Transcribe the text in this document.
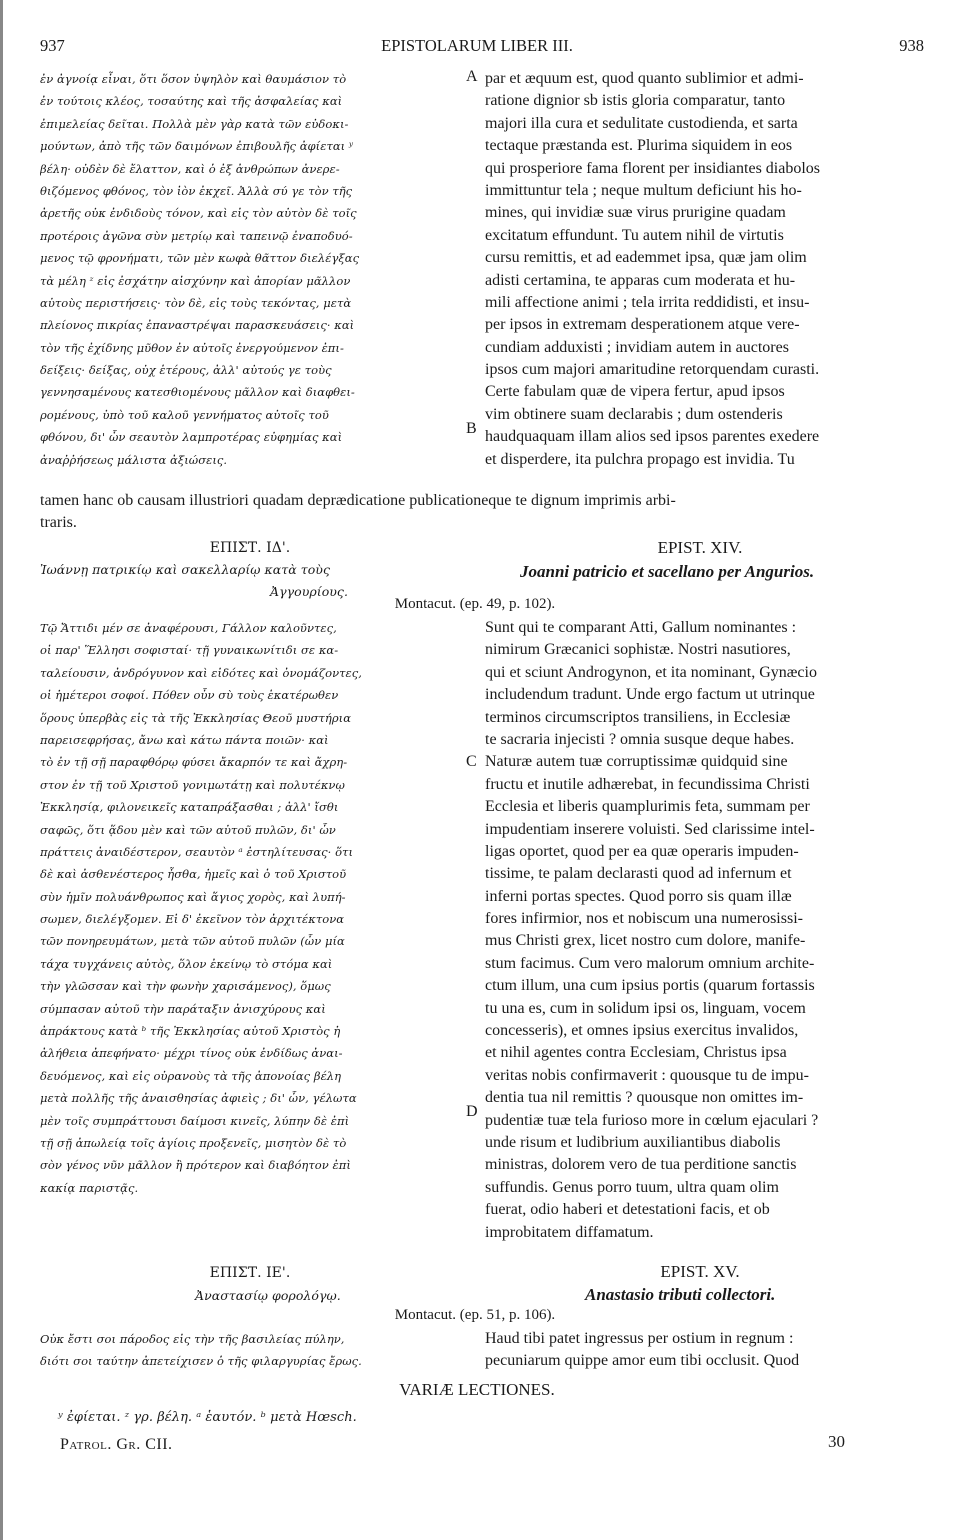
937	EPISTOLARUM LIBER III.	938
ἐν ἀγνοίᾳ εἶναι, ὅτι ὅσον ὑψηλὸν καὶ θαυμάσιον τὸ
ἐν τούτοις κλέος, τοσαύτης καὶ τῆς ἀσφαλείας καὶ
ἐπιμελείας δεῖται. Πολλὰ μὲν γὰρ κατὰ τῶν εὐδοκι-
μούντων, ἀπὸ τῆς τῶν δαιμόνων ἐπιβουλῆς ἀφίεται ʸ
βέλη· οὐδὲν δὲ ἔλαττον, καὶ ὁ ἐξ ἀνθρώπων ἀνερε-
θιζόμενος φθόνος, τὸν ἰὸν ἐκχεῖ. Ἀλλὰ σύ γε τὸν τῆς
ἀρετῆς οὐκ ἐνδιδοὺς τόνον, καὶ εἰς τὸν αὐτὸν δὲ τοῖς
προτέροις ἀγῶνα σὺν μετρίῳ καὶ ταπεινῷ ἐναποδυό-
μενος τῷ φρονήματι, τῶν μὲν κωφὰ θᾶττον διελέγξας
τὰ μέλη ᶻ εἰς ἐσχάτην αἰσχύνην καὶ ἀπορίαν μᾶλλον
αὐτοὺς περιστήσεις· τὸν δὲ, εἰς τοὺς τεκόντας, μετὰ
πλείονος πικρίας ἐπαναστρέψαι παρασκευάσεις· καὶ
τὸν τῆς ἐχίδνης μῦθον ἐν αὐτοῖς ἐνεργούμενον ἐπι-
δείξεις· δείξας, οὐχ ἑτέρους, ἀλλ' αὐτούς γε τοὺς
γεννησαμένους κατεσθιομένους μᾶλλον καὶ διαφθει-
ρομένους, ὑπὸ τοῦ καλοῦ γεννήματος αὐτοῖς τοῦ
φθόνου, δι' ὧν σεαυτὸν λαμπροτέρας εὐφημίας καὶ
ἀναῤῥήσεως μάλιστα ἀξιώσεις.
par et æquum est, quod quanto sublimior et admi-
ratione dignior sb istis gloria comparatur, tanto
majori illa cura et sedulitate custodienda, et sarta
tectaque præstanda est. Plurima siquidem in eos
qui prosperiore fama florent per insidiantes diabolos
immittuntur tela ; neque multum deficiunt his ho-
mines, qui invidiæ suæ virus prurigine quadam
excitatum effundunt. Tu autem nihil de virtutis
cursu remittis, et ad eademmet ipsa, quæ jam olim
adisti certamina, te apparas cum moderata et hu-
mili affectione animi ; tela irrita reddidisti, et insu-
per ipsos in extremam desperationem atque vere-
cundiam adduxisti ; invidiam autem in auctores
ipsos cum majori amaritudine retorquendam curasti.
Certe fabulam quæ de vipera fertur, apud ipsos
vim obtinere suam declarabis ; dum ostenderis
haudquaquam illam alios sed ipsos parentes exedere
et disperdere, ita pulchra propago est invidia. Tu
A
B
tamen hanc ob causam illustriori quadam deprædicatione publicationeque te dignum imprimis arbi-
traris.
ΕΠΙΣΤ. ΙΔ'.	EPIST. XIV.
Ἰωάννῃ πατρικίῳ καὶ σακελλαρίῳ κατὰ τοὺς
Ἀγγουρίους.
Joanni patricio et sacellano per Angurios.
Montacut. (ep. 49, p. 102).
Τῷ Ἄττιδι μέν σε ἀναφέρουσι, Γάλλον καλοῦντες,
οἱ παρ' Ἕλλησι σοφισταί· τῇ γυναικωνίτιδι σε κα-
ταλείουσιν, ἀνδρόγυνον καὶ εἰδότες καὶ ὀνομάζοντες,
οἱ ἡμέτεροι σοφοί. Πόθεν οὖν σὺ τοὺς ἑκατέρωθεν
ὅρους ὑπερβὰς εἰς τὰ τῆς Ἐκκλησίας Θεοῦ μυστήρια
παρεισεφρήσας, ἄνω καὶ κάτω πάντα ποιῶν· καὶ
τὸ ἐν τῇ σῇ παραφθόρῳ φύσει ἄκαρπόν τε καὶ ἄχρη-
στον ἐν τῇ τοῦ Χριστοῦ γονιμωτάτῃ καὶ πολυτέκνῳ
Ἐκκλησίᾳ, φιλονεικεῖς καταπράξασθαι ; ἀλλ' ἴσθι
σαφῶς, ὅτι ᾅδου μὲν καὶ τῶν αὐτοῦ πυλῶν, δι' ὧν
πράττεις ἀναιδέστερον, σεαυτὸν ᵃ ἐστηλίτευσας· ὅτι
δὲ καὶ ἀσθενέστερος ἦσθα, ἡμεῖς καὶ ὁ τοῦ Χριστοῦ
σὺν ἡμῖν πολυάνθρωπος καὶ ἅγιος χορὸς, καὶ λυπή-
σωμεν, διελέγξομεν. Εἰ δ' ἐκεῖνον τὸν ἀρχιτέκτονα
τῶν πονηρευμάτων, μετὰ τῶν αὐτοῦ πυλῶν (ὧν μία
τάχα τυγχάνεις αὐτὸς, ὅλον ἐκείνῳ τὸ στόμα καὶ
τὴν γλῶσσαν καὶ τὴν φωνὴν χαρισάμενος), ὅμως
σύμπασαν αὐτοῦ τὴν παράταξιν ἀνισχύρους καὶ
ἀπράκτους κατὰ ᵇ τῆς Ἐκκλησίας αὐτοῦ Χριστὸς ἡ
ἀλήθεια ἀπεφήνατο· μέχρι τίνος οὐκ ἐνδίδως ἀναι-
δευόμενος, καὶ εἰς οὐρανοὺς τὰ τῆς ἀπονοίας βέλη
μετὰ πολλῆς τῆς ἀναισθησίας ἀφιεὶς ; δι' ὧν, γέλωτα
μὲν τοῖς συμπράττουσι δαίμοσι κινεῖς, λύπην δὲ ἐπὶ
τῇ σῇ ἀπωλείᾳ τοῖς ἁγίοις προξενεῖς, μισητὸν δὲ τὸ
σὸν γένος νῦν μᾶλλον ἢ πρότερον καὶ διαβόητον ἐπὶ
κακίᾳ παριστᾷς.
Sunt qui te comparant Atti, Gallum nominantes :
nimirum Græcanici sophistæ. Nostri nasutiores,
qui et sciunt Androgynon, et ita nominant, Gynæcio
includendum tradunt. Unde ergo factum ut utrinque
terminos circumscriptos transiliens, in Ecclesiæ
te sacraria injecisti ? omnia susque deque habes.
Naturæ autem tuæ corruptissimæ quidquid sine
fructu et inutile adhærebat, in fecundissima Christi
Ecclesia et liberis quamplurimis feta, summam per
impudentiam inserere voluisti. Sed clarissime intel-
ligas oportet, quod per ea quæ operaris impuden-
tissime, te palam declarasti quod ad infernum et
inferni portas spectes. Quod porro sis quam illæ
fores infirmior, nos et nobiscum una numerosissi-
mus Christi grex, licet nostro cum dolore, manife-
stum facimus. Cum vero malorum omnium archite-
ctum illum, una cum ipsius portis (quarum fortassis
tu una es, cum in solidum ipsi os, linguam, vocem
concesseris), et omnes ipsius exercitus invalidos,
et nihil agentes contra Ecclesiam, Christus ipsa
veritas nobis confirmaverit : quousque tu de impu-
dentia tua nil remittis ? quousque non omittes im-
pudentiæ tuæ tela furioso more in cœlum ejaculari ?
unde risum et ludibrium auxiliantibus diabolis
ministras, dolorem vero de tua perditione sanctis
suffundis. Genus porro tuum, ultra quam olim
fuerat, odio haberi et detestationi facis, et ob
improbitatem diffamatum.
C
D
ΕΠΙΣΤ. ΙΕ'.	EPIST. XV.
Ἀναστασίῳ φορολόγῳ.	Anastasio tributi collectori.
Montacut. (ep. 51, p. 106).
Οὐκ ἔστι σοι πάροδος εἰς τὴν τῆς βασιλείας πύλην,
διότι σοι ταύτην ἀπετείχισεν ὁ τῆς φιλαργυρίας ἔρως.
Haud tibi patet ingressus per ostium in regnum :
pecuniarum quippe amor eum tibi occlusit. Quod
VARIÆ LECTIONES.
ʸ ἐφίεται. ᶻ γρ. βέλη. ᵃ ἑαυτόν. ᵇ μετὰ Hœsch.
Patrol. Gr. CII.	30
